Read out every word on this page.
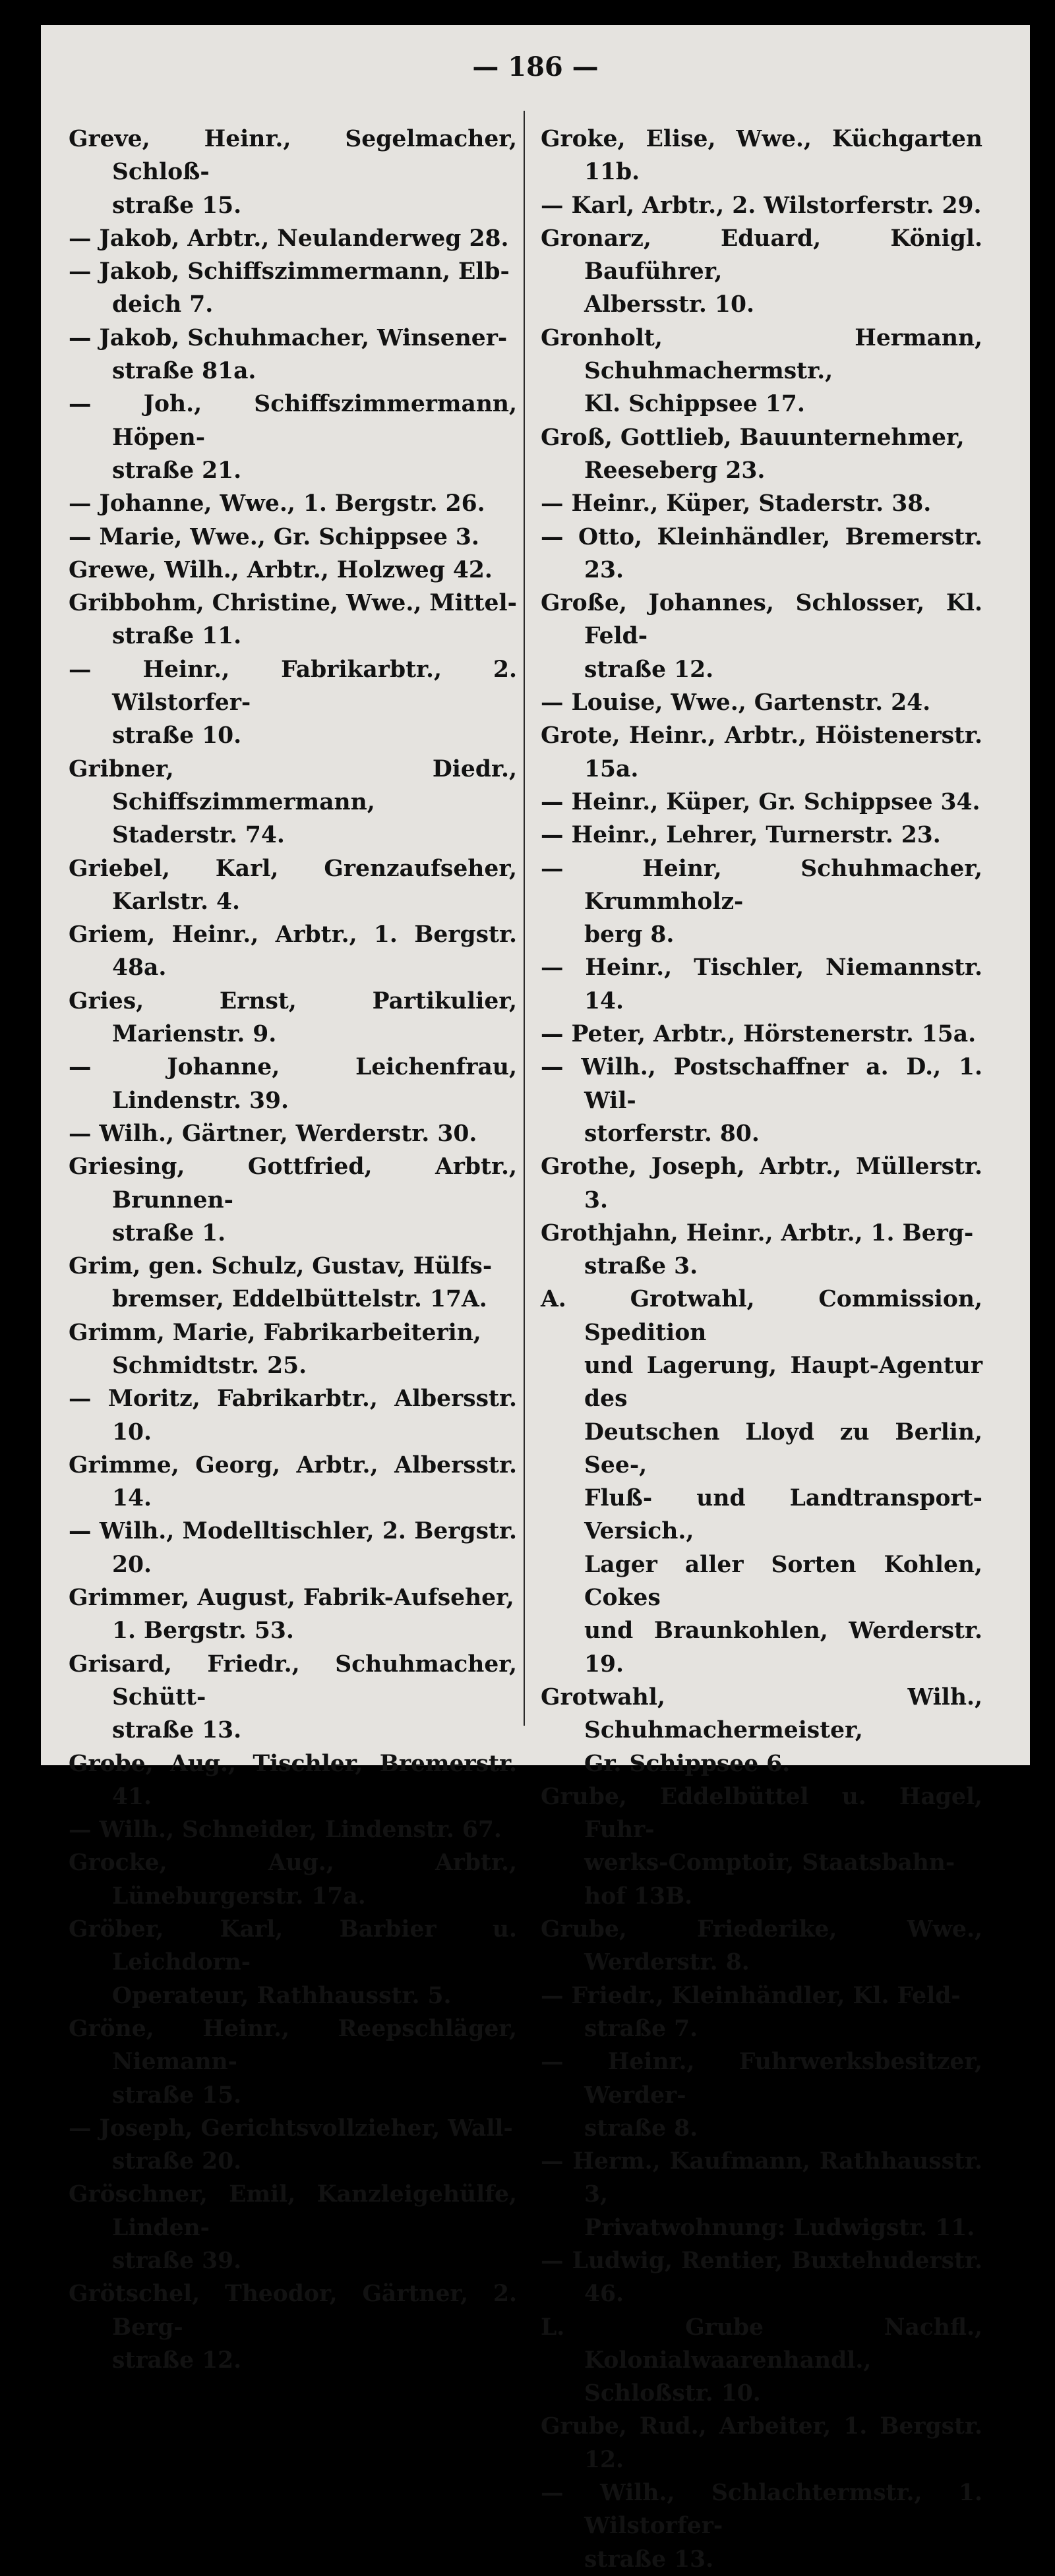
— 186 —

Greve, Heinr., Segelmacher, Schloß-
straße 15.

— Jakob, Arbtr., Neulanderweg 28.

— Jakob, Schiffszimmermann, Elb-
deich 7.

— Jakob, Schuhmacher, Winsener-
straße 81a.

— Joh., Schiffszimmermann, Höpen-
straße 21.

— Johanne, Wwe., 1. Bergstr. 26.

— Marie, Wwe., Gr. Schippsee 3.

Grewe, Wilh., Arbtr., Holzweg 42.

Gribbohm, Christine, Wwe., Mittel-
straße 11.

— Heinr., Fabrikarbtr., 2. Wilstorfer-
straße 10.

Gribner, Diedr., Schiffszimmermann,
Staderstr. 74.

Griebel, Karl, Grenzaufseher, Karlstr. 4.

Griem, Heinr., Arbtr., 1. Bergstr. 48a.

Gries, Ernst, Partikulier, Marienstr. 9.

— Johanne, Leichenfrau, Lindenstr. 39.

— Wilh., Gärtner, Werderstr. 30.

Griesing, Gottfried, Arbtr., Brunnen-
straße 1.

Grim, gen. Schulz, Gustav, Hülfs-
bremser, Eddelbüttelstr. 17A.

Grimm, Marie, Fabrikarbeiterin,
Schmidtstr. 25.

— Moritz, Fabrikarbtr., Albersstr. 10.

Grimme, Georg, Arbtr., Albersstr. 14.

— Wilh., Modelltischler, 2. Bergstr. 20.

Grimmer, August, Fabrik-Aufseher,
1. Bergstr. 53.

Grisard, Friedr., Schuhmacher, Schütt-
straße 13.

Grobe, Aug., Tischler, Bremerstr. 41.

— Wilh., Schneider, Lindenstr. 67.

Grocke, Aug., Arbtr., Lüneburgerstr. 17a.

Gröber, Karl, Barbier u. Leichdorn-
Operateur, Rathhausstr. 5.

Gröne, Heinr., Reepschläger, Niemann-
straße 15.

— Joseph, Gerichtsvollzieher, Wall-
straße 20.

Gröschner, Emil, Kanzleigehülfe, Linden-
straße 39.

Grötschel, Theodor, Gärtner, 2. Berg-
straße 12.

Groke, Elise, Wwe., Küchgarten 11b.

— Karl, Arbtr., 2. Wilstorferstr. 29.

Gronarz, Eduard, Königl. Bauführer,
Albersstr. 10.

Gronholt, Hermann, Schuhmachermstr.,
Kl. Schippsee 17.

Groß, Gottlieb, Bauunternehmer,
Reeseberg 23.

— Heinr., Küper, Staderstr. 38.

— Otto, Kleinhändler, Bremerstr. 23.

Große, Johannes, Schlosser, Kl. Feld-
straße 12.

— Louise, Wwe., Gartenstr. 24.

Grote, Heinr., Arbtr., Höistenerstr. 15a.

— Heinr., Küper, Gr. Schippsee 34.

— Heinr., Lehrer, Turnerstr. 23.

— Heinr, Schuhmacher, Krummholz-
berg 8.

— Heinr., Tischler, Niemannstr. 14.

— Peter, Arbtr., Hörstenerstr. 15a.

— Wilh., Postschaffner a. D., 1. Wil-
storferstr. 80.

Grothe, Joseph, Arbtr., Müllerstr. 3.

Grothjahn, Heinr., Arbtr., 1. Berg-
straße 3.

A. Grotwahl, Commission, Spedition
und Lagerung, Haupt-Agentur des
Deutschen Lloyd zu Berlin, See-,
Fluß- und Landtransport-Versich.,
Lager aller Sorten Kohlen, Cokes
und Braunkohlen, Werderstr. 19.

Grotwahl, Wilh., Schuhmachermeister,
Gr. Schippsee 6.

Grube, Eddelbüttel u. Hagel, Fuhr-
werks-Comptoir, Staatsbahn-
hof 13B.

Grube, Friederike, Wwe., Werderstr. 8.

— Friedr., Kleinhändler, Kl. Feld-
straße 7.

— Heinr., Fuhrwerksbesitzer, Werder-
straße 8.

— Herm., Kaufmann, Rathhausstr. 3,
Privatwohnung: Ludwigstr. 11.

— Ludwig, Rentier, Buxtehuderstr. 46.

L. Grube Nachfl., Kolonialwaarenhandl.,
Schloßstr. 10.

Grube, Rud., Arbeiter, 1. Bergstr. 12.

— Wilh., Schlachtermstr., 1. Wilstorfer-
straße 13.
